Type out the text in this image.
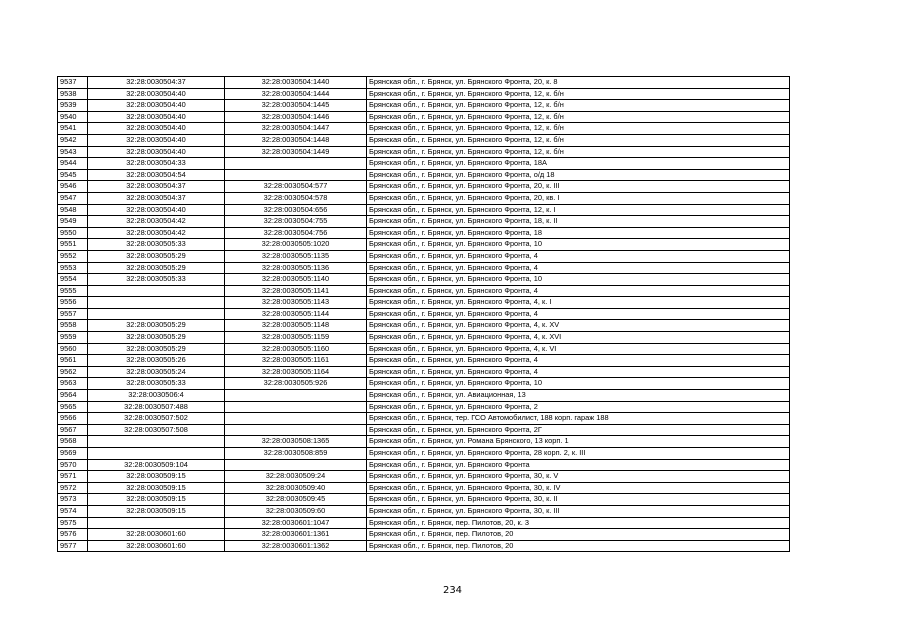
9537	32:28:0030504:37	32:28:0030504:1440	Брянская обл., г. Брянск, ул. Брянского Фронта, 20, к. 8
9538	32:28:0030504:40	32:28:0030504:1444	Брянская обл., г. Брянск, ул. Брянского Фронта, 12, к. б/н
9539	32:28:0030504:40	32:28:0030504:1445	Брянская обл., г. Брянск, ул. Брянского Фронта, 12, к. б/н
9540	32:28:0030504:40	32:28:0030504:1446	Брянская обл., г. Брянск, ул. Брянского Фронта, 12, к. б/н
9541	32:28:0030504:40	32:28:0030504:1447	Брянская обл., г. Брянск, ул. Брянского Фронта, 12, к. б/н
9542	32:28:0030504:40	32:28:0030504:1448	Брянская обл., г. Брянск, ул. Брянского Фронта, 12, к. б/н
9543	32:28:0030504:40	32:28:0030504:1449	Брянская обл., г. Брянск, ул. Брянского Фронта, 12, к. б/н
9544	32:28:0030504:33		Брянская обл., г. Брянск, ул. Брянского Фронта, 18А
9545	32:28:0030504:54		Брянская обл., г. Брянск, ул. Брянского Фронта, о/д 18
9546	32:28:0030504:37	32:28:0030504:577	Брянская обл., г. Брянск, ул. Брянского Фронта, 20, к. III
9547	32:28:0030504:37	32:28:0030504:578	Брянская обл., г. Брянск, ул. Брянского Фронта, 20, кв. I
9548	32:28:0030504:40	32:28:0030504:656	Брянская обл., г. Брянск, ул. Брянского Фронта, 12, к. I
9549	32:28:0030504:42	32:28:0030504:755	Брянская обл., г. Брянск, ул. Брянского Фронта, 18, к. II
9550	32:28:0030504:42	32:28:0030504:756	Брянская обл., г. Брянск, ул. Брянского Фронта, 18
9551	32:28:0030505:33	32:28:0030505:1020	Брянская обл., г. Брянск, ул. Брянского Фронта, 10
9552	32:28:0030505:29	32:28:0030505:1135	Брянская обл., г. Брянск, ул. Брянского Фронта, 4
9553	32:28:0030505:29	32:28:0030505:1136	Брянская обл., г. Брянск, ул. Брянского Фронта, 4
9554	32:28:0030505:33	32:28:0030505:1140	Брянская обл., г. Брянск, ул. Брянского Фронта, 10
9555		32:28:0030505:1141	Брянская обл., г. Брянск, ул. Брянского Фронта, 4
9556		32:28:0030505:1143	Брянская обл., г. Брянск, ул. Брянского Фронта, 4, к. I
9557		32:28:0030505:1144	Брянская обл., г. Брянск, ул. Брянского Фронта, 4
9558	32:28:0030505:29	32:28:0030505:1148	Брянская обл., г. Брянск, ул. Брянского Фронта, 4, к. XV
9559	32:28:0030505:29	32:28:0030505:1159	Брянская обл., г. Брянск, ул. Брянского Фронта, 4, к. XVI
9560	32:28:0030505:29	32:28:0030505:1160	Брянская обл., г. Брянск, ул. Брянского Фронта, 4, к. VI
9561	32:28:0030505:26	32:28:0030505:1161	Брянская обл., г. Брянск, ул. Брянского Фронта, 4
9562	32:28:0030505:24	32:28:0030505:1164	Брянская обл., г. Брянск, ул. Брянского Фронта, 4
9563	32:28:0030505:33	32:28:0030505:926	Брянская обл., г. Брянск, ул. Брянского Фронта, 10
9564	32:28:0030506:4		Брянская обл., г. Брянск, ул. Авиационная, 13
9565	32:28:0030507:488		Брянская обл., г. Брянск, ул. Брянского Фронта, 2
9566	32:28:0030507:502		Брянская обл., г. Брянск, тер. ГСО Автомобилист, 188 корп. гараж 188
9567	32:28:0030507:508		Брянская обл., г. Брянск, ул. Брянского Фронта, 2Г
9568		32:28:0030508:1365	Брянская обл., г. Брянск, ул. Романа Брянского, 13 корп. 1
9569		32:28:0030508:859	Брянская обл., г. Брянск, ул. Брянского Фронта, 28 корп. 2, к. III
9570	32:28:0030509:104		Брянская обл., г. Брянск, ул. Брянского Фронта
9571	32:28:0030509:15	32:28:0030509:24	Брянская обл., г. Брянск, ул. Брянского Фронта, 30, к. V
9572	32:28:0030509:15	32:28:0030509:40	Брянская обл., г. Брянск, ул. Брянского Фронта, 30, к. IV
9573	32:28:0030509:15	32:28:0030509:45	Брянская обл., г. Брянск, ул. Брянского Фронта, 30, к. II
9574	32:28:0030509:15	32:28:0030509:60	Брянская обл., г. Брянск, ул. Брянского Фронта, 30, к. III
9575		32:28:0030601:1047	Брянская обл., г. Брянск, пер. Пилотов, 20, к. 3
9576	32:28:0030601:60	32:28:0030601:1361	Брянская обл., г. Брянск, пер. Пилотов, 20
9577	32:28:0030601:60	32:28:0030601:1362	Брянская обл., г. Брянск, пер. Пилотов, 20
234
